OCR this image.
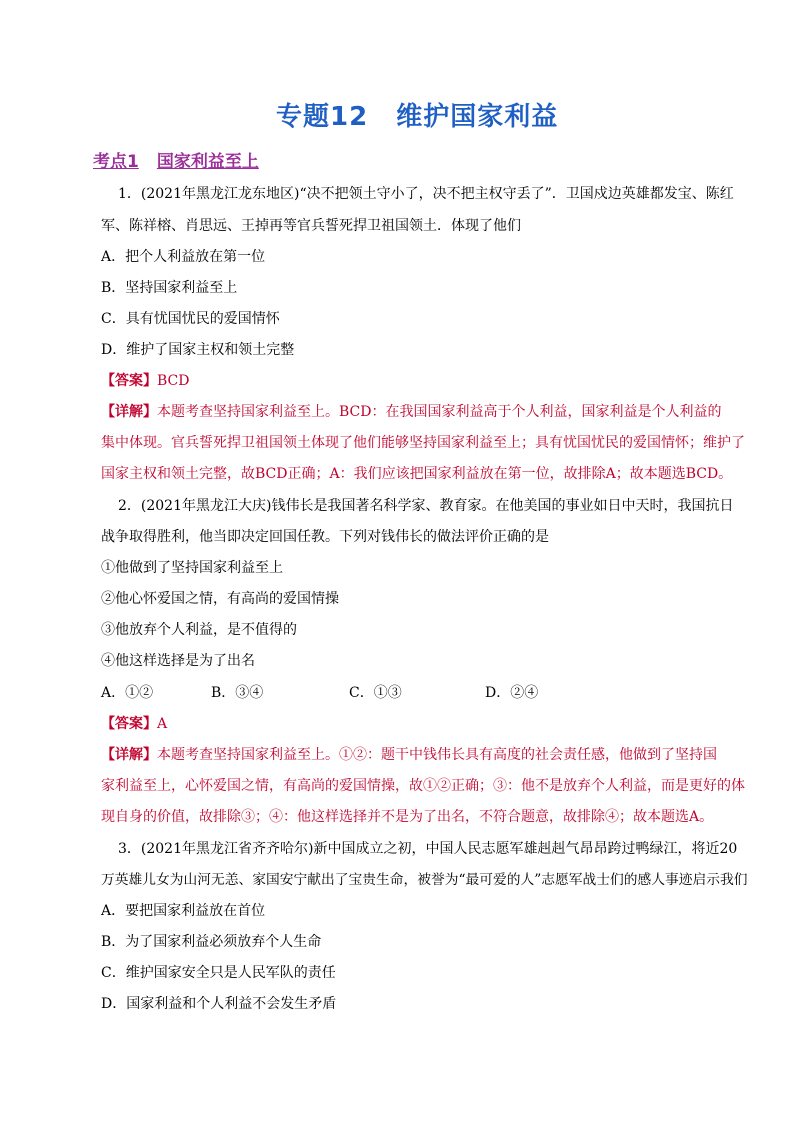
专题12 维护国家利益
考点1 国家利益至上
1．(2021年黑龙江龙东地区)“决不把领土守小了，决不把主权守丢了”．卫国戍边英雄都发宝、陈红
军、陈祥榕、肖思远、王掉再等官兵誓死捍卫祖国领土．体现了他们
A．把个人利益放在第一位
B．坚持国家利益至上
C．具有忧国忧民的爱国情怀
D．维护了国家主权和领土完整
【答案】BCD
【详解】本题考查坚持国家利益至上。BCD：在我国国家利益高于个人利益，国家利益是个人利益的
集中体现。官兵誓死捍卫祖国领土体现了他们能够坚持国家利益至上；具有忧国忧民的爱国情怀；维护了
国家主权和领土完整，故BCD正确；A：我们应该把国家利益放在第一位，故排除A；故本题选BCD。
2．(2021年黑龙江大庆)钱伟长是我国著名科学家、教育家。在他美国的事业如日中天时，我国抗日
战争取得胜利，他当即决定回国任教。下列对钱伟长的做法评价正确的是
①他做到了坚持国家利益至上
②他心怀爱国之情，有高尚的爱国情操
③他放弃个人利益，是不值得的
④他这样选择是为了出名
A．①②	B．③④	C．①③	D．②④
【答案】A
【详解】本题考查坚持国家利益至上。①②：题干中钱伟长具有高度的社会责任感，他做到了坚持国
家利益至上，心怀爱国之情，有高尚的爱国情操，故①②正确；③：他不是放弃个人利益，而是更好的体
现自身的价值，故排除③；④：他这样选择并不是为了出名，不符合题意，故排除④；故本题选A。
3．(2021年黑龙江省齐齐哈尔)新中国成立之初，中国人民志愿军雄赳赳气昂昂跨过鸭绿江，将近20
万英雄儿女为山河无恙、家国安宁献出了宝贵生命，被誉为“最可爱的人”志愿军战士们的感人事迹启示我们
A．要把国家利益放在首位
B．为了国家利益必须放弃个人生命
C．维护国家安全只是人民军队的责任
D．国家利益和个人利益不会发生矛盾
